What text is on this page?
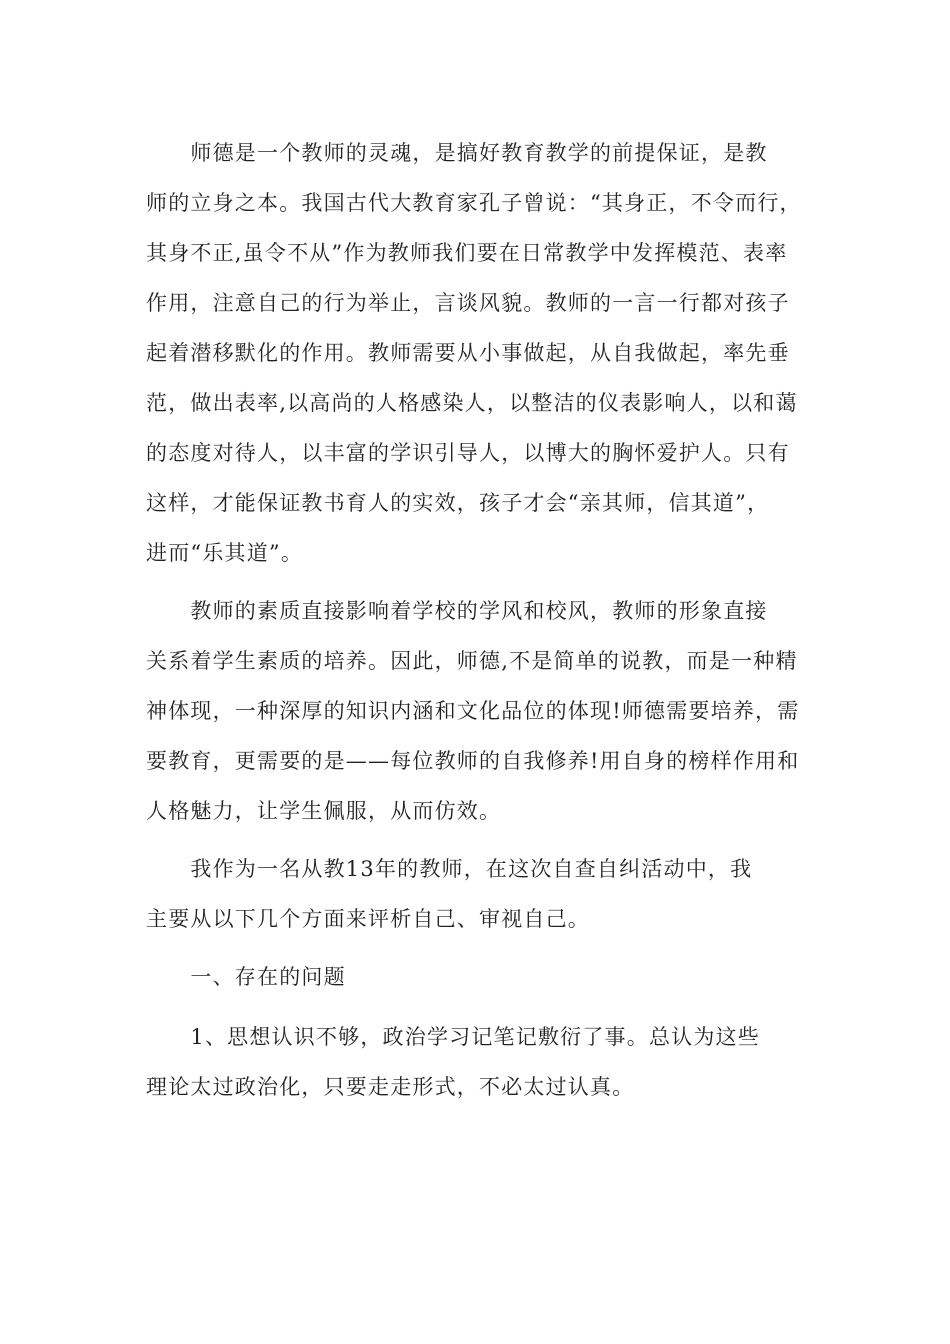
　　师德是一个教师的灵魂，是搞好教育教学的前提保证，是教
师的立身之本。我国古代大教育家孔子曾说：“其身正，不令而行，
其身不正,虽令不从”作为教师我们要在日常教学中发挥模范、表率
作用，注意自己的行为举止，言谈风貌。教师的一言一行都对孩子
起着潜移默化的作用。教师需要从小事做起，从自我做起，率先垂
范，做出表率,以高尚的人格感染人，以整洁的仪表影响人，以和蔼
的态度对待人，以丰富的学识引导人，以博大的胸怀爱护人。只有
这样，才能保证教书育人的实效，孩子才会“亲其师，信其道”，
进而“乐其道”。
　　教师的素质直接影响着学校的学风和校风，教师的形象直接
关系着学生素质的培养。因此，师德,不是简单的说教，而是一种精
神体现，一种深厚的知识内涵和文化品位的体现!师德需要培养，需
要教育，更需要的是——每位教师的自我修养!用自身的榜样作用和
人格魅力，让学生佩服，从而仿效。
　　我作为一名从教13年的教师，在这次自查自纠活动中，我
主要从以下几个方面来评析自己、审视自己。
　　一、存在的问题
　　1、思想认识不够，政治学习记笔记敷衍了事。总认为这些
理论太过政治化，只要走走形式，不必太过认真。
